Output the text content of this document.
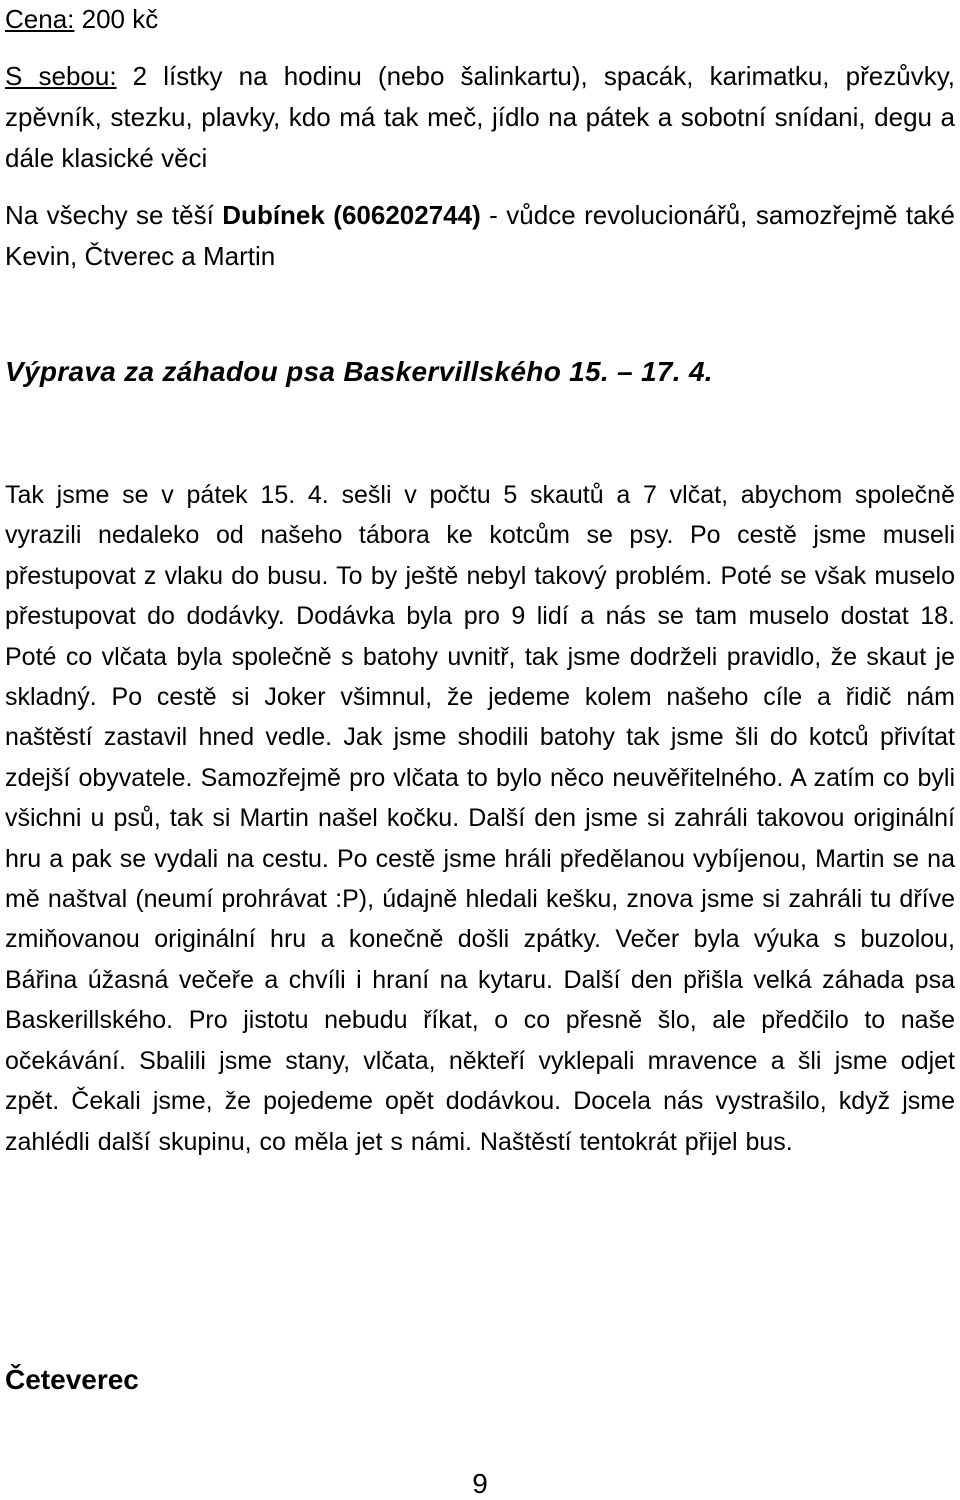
Cena: 200 kč
S sebou: 2 lístky na hodinu (nebo šalinkartu), spacák, karimatku, přezůvky, zpěvník, stezku, plavky, kdo má tak meč, jídlo na pátek a sobotní snídani, degu a dále klasické věci
Na všechy se těší Dubínek (606202744) - vůdce revolucionářů, samozřejmě také Kevin, Čtverec a Martin
Výprava za záhadou psa Baskervillského 15. – 17. 4.
Tak jsme se v pátek 15. 4. sešli v počtu 5 skautů a 7 vlčat, abychom společně vyrazili nedaleko od našeho tábora ke kotcům se psy. Po cestě jsme museli přestupovat z vlaku do busu. To by ještě nebyl takový problém. Poté se však muselo přestupovat do dodávky. Dodávka byla pro 9 lidí a nás se tam muselo dostat 18. Poté co vlčata byla společně s batohy uvnitř, tak jsme dodrželi pravidlo, že skaut je skladný. Po cestě si Joker všimnul, že jedeme kolem našeho cíle a řidič nám naštěstí zastavil hned vedle. Jak jsme shodili batohy tak jsme šli do kotců přivítat zdejší obyvatele. Samozřejmě pro vlčata to bylo něco neuvěřitelného. A zatím co byli všichni u psů, tak si Martin našel kočku. Další den jsme si zahráli takovou originální hru a pak se vydali na cestu. Po cestě jsme hráli předělanou vybíjenou, Martin se na mě naštval (neumí prohrávat :P), údajně hledali kešku, znova jsme si zahráli tu dříve zmiňovanou originální hru a konečně došli zpátky. Večer byla výuka s buzolou, Bářina úžasná večeře a chvíli i hraní na kytaru. Další den přišla velká záhada psa Baskerillského. Pro jistotu nebudu říkat, o co přesně šlo, ale předčilo to naše očekávání. Sbalili jsme stany, vlčata, někteří vyklepali mravence a šli jsme odjet zpět. Čekali jsme, že pojedeme opět dodávkou. Docela nás vystrašilo, když jsme zahlédli další skupinu, co měla jet s námi. Naštěstí tentokrát přijel bus.
Četeverec
9
